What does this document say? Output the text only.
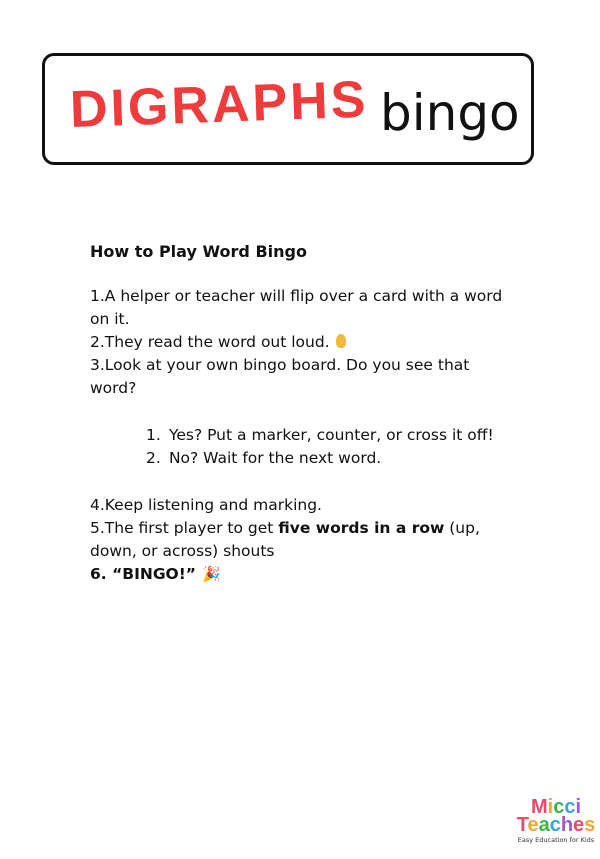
DIGRAPHS bingo

How to Play Word Bingo

1.A helper or teacher will flip over a card with a word on it.

2.They read the word out loud.

3.Look at your own bingo board. Do you see that word?

1. Yes? Put a marker, counter, or cross it off!
2. No? Wait for the next word.

4.Keep listening and marking.

5.The first player to get five words in a row (up, down, or across) shouts

6. “BINGO!” 🎉

Micci
Teaches
Easy Education for Kids
